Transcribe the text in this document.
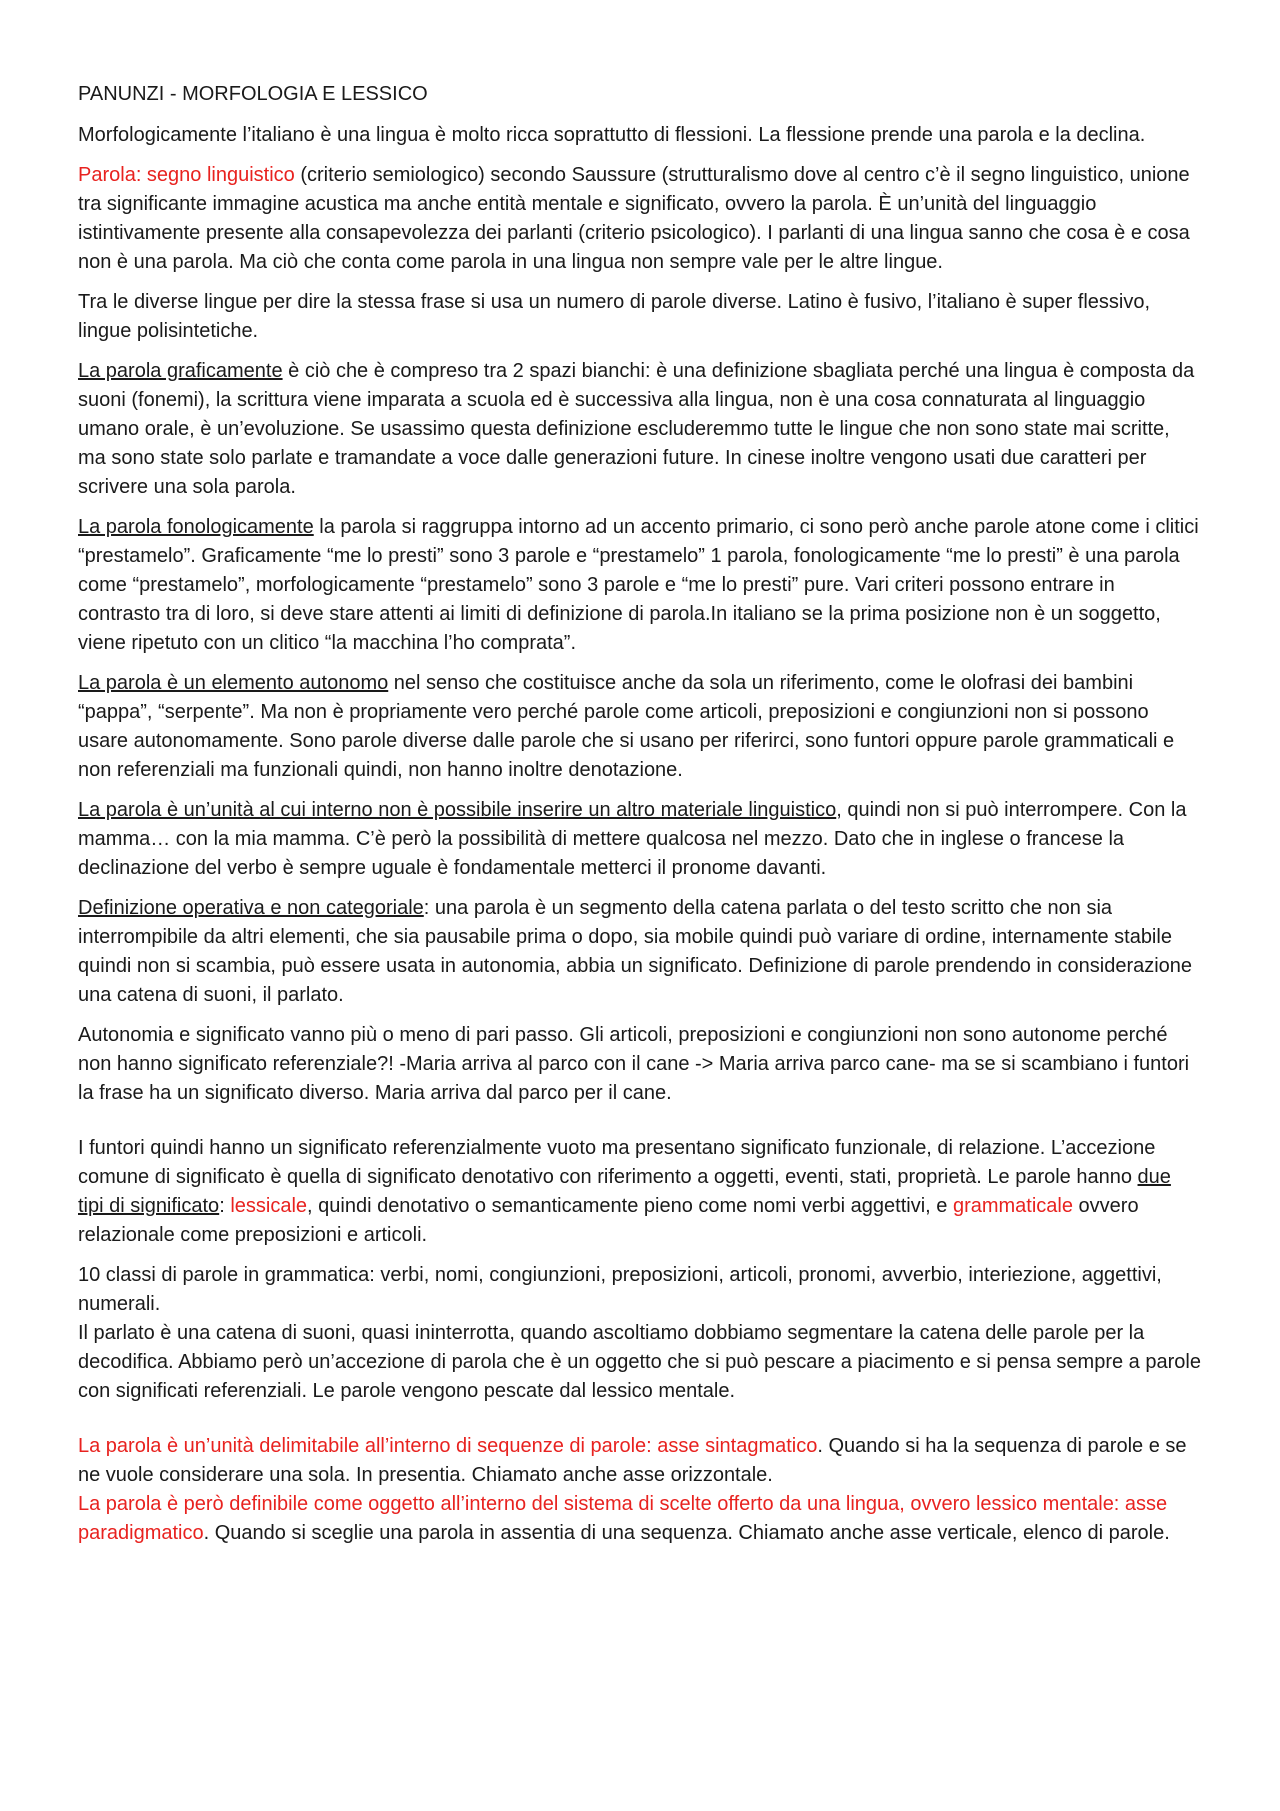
PANUNZI - MORFOLOGIA E LESSICO

Morfologicamente l’italiano è una lingua è molto ricca soprattutto di flessioni. La flessione prende una parola e la declina.

Parola: segno linguistico (criterio semiologico) secondo Saussure (strutturalismo dove al centro c’è il segno linguistico, unione tra significante immagine acustica ma anche entità mentale e significato, ovvero la parola. È un’unità del linguaggio istintivamente presente alla consapevolezza dei parlanti (criterio psicologico). I parlanti di una lingua sanno che cosa è e cosa non è una parola. Ma ciò che conta come parola in una lingua non sempre vale per le altre lingue.

Tra le diverse lingue per dire la stessa frase si usa un numero di parole diverse. Latino è fusivo, l’italiano è super flessivo, lingue polisintetiche.

La parola graficamente è ciò che è compreso tra 2 spazi bianchi: è una definizione sbagliata perché una lingua è composta da suoni (fonemi), la scrittura viene imparata a scuola ed è successiva alla lingua, non è una cosa connaturata al linguaggio umano orale, è un’evoluzione. Se usassimo questa definizione escluderemmo tutte le lingue che non sono state mai scritte, ma sono state solo parlate e tramandate a voce dalle generazioni future. In cinese inoltre vengono usati due caratteri per scrivere una sola parola.

La parola fonologicamente la parola si raggruppa intorno ad un accento primario, ci sono però anche parole atone come i clitici “prestamelo”. Graficamente “me lo presti” sono 3 parole e “prestamelo” 1 parola, fonologicamente “me lo presti” è una parola come “prestamelo”, morfologicamente “prestamelo” sono 3 parole e “me lo presti” pure. Vari criteri possono entrare in contrasto tra di loro, si deve stare attenti ai limiti di definizione di parola.In italiano se la prima posizione non è un soggetto, viene ripetuto con un clitico “la macchina l’ho comprata”.

La parola è un elemento autonomo nel senso che costituisce anche da sola un riferimento, come le olofrasi dei bambini “pappa”, “serpente”. Ma non è propriamente vero perché parole come articoli, preposizioni e congiunzioni non si possono usare autonomamente. Sono parole diverse dalle parole che si usano per riferirci, sono funtori oppure parole grammaticali e non referenziali ma funzionali quindi, non hanno inoltre denotazione.

La parola è un’unità al cui interno non è possibile inserire un altro materiale linguistico, quindi non si può interrompere. Con la mamma… con la mia mamma. C’è però la possibilità di mettere qualcosa nel mezzo. Dato che in inglese o francese la declinazione del verbo è sempre uguale è fondamentale metterci il pronome davanti.

Definizione operativa e non categoriale: una parola è un segmento della catena parlata o del testo scritto che non sia interrompibile da altri elementi, che sia pausabile prima o dopo, sia mobile quindi può variare di ordine, internamente stabile quindi non si scambia, può essere usata in autonomia, abbia un significato. Definizione di parole prendendo in considerazione una catena di suoni, il parlato.

Autonomia e significato vanno più o meno di pari passo. Gli articoli, preposizioni e congiunzioni non sono autonome perché non hanno significato referenziale?! -Maria arriva al parco con il cane -> Maria arriva parco cane- ma se si scambiano i funtori la frase ha un significato diverso. Maria arriva dal parco per il cane.

I funtori quindi hanno un significato referenzialmente vuoto ma presentano significato funzionale, di relazione. L’accezione comune di significato è quella di significato denotativo con riferimento a oggetti, eventi, stati, proprietà. Le parole hanno due tipi di significato: lessicale, quindi denotativo o semanticamente pieno come nomi verbi aggettivi, e grammaticale ovvero relazionale come preposizioni e articoli.

10 classi di parole in grammatica: verbi, nomi, congiunzioni, preposizioni, articoli, pronomi, avverbio, interiezione, aggettivi, numerali.

Il parlato è una catena di suoni, quasi ininterrotta, quando ascoltiamo dobbiamo segmentare la catena delle parole per la decodifica. Abbiamo però un’accezione di parola che è un oggetto che si può pescare a piacimento e si pensa sempre a parole con significati referenziali. Le parole vengono pescate dal lessico mentale.

La parola è un’unità delimitabile all’interno di sequenze di parole: asse sintagmatico. Quando si ha la sequenza di parole e se ne vuole considerare una sola. In presentia. Chiamato anche asse orizzontale.

La parola è però definibile come oggetto all’interno del sistema di scelte offerto da una lingua, ovvero lessico mentale: asse paradigmatico. Quando si sceglie una parola in assentia di una sequenza. Chiamato anche asse verticale, elenco di parole.
